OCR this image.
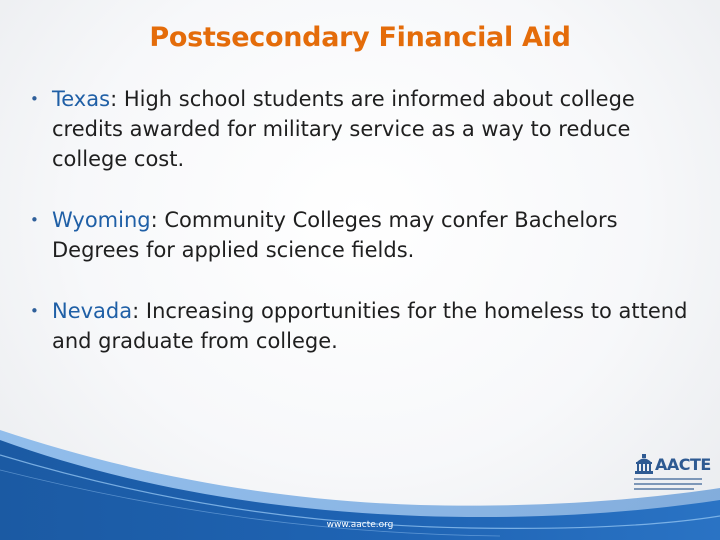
Postsecondary Financial Aid
• Texas: High school students are informed about college credits awarded for military service as a way to reduce college cost.
• Wyoming: Community Colleges may confer Bachelors Degrees for applied science fields.
• Nevada: Increasing opportunities for the homeless to attend and graduate from college.
AACTE
www.aacte.org
